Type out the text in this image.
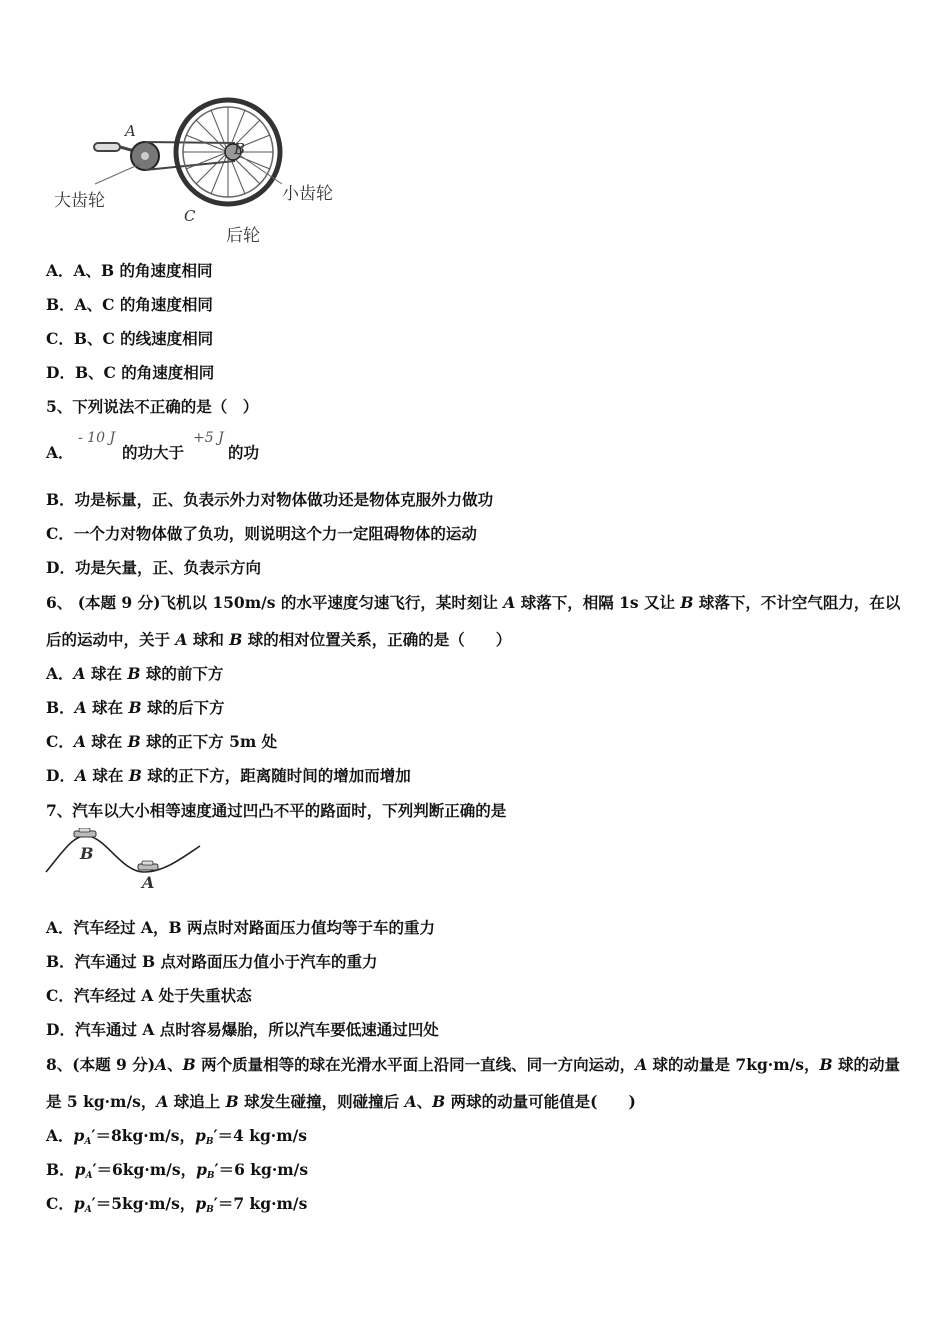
A
B
C
大齿轮	小齿轮
后轮
A．A、B 的角速度相同
B．A、C 的角速度相同
C．B、C 的线速度相同
D．B、C 的角速度相同
5、下列说法不正确的是（　）
A．
- 10 J
的功大于
+5 J
的功
B．功是标量，正、负表示外力对物体做功还是物体克服外力做功
C．一个力对物体做了负功，则说明这个力一定阻碍物体的运动
D．功是矢量，正、负表示方向
6、 (本题 9 分)飞机以 150m/s 的水平速度匀速飞行，某时刻让 A 球落下，相隔 1s 又让 B 球落下，不计空气阻力，在以
后的运动中，关于 A 球和 B 球的相对位置关系，正确的是（　　）
A．A 球在 B 球的前下方
B．A 球在 B 球的后下方
C．A 球在 B 球的正下方 5m 处
D．A 球在 B 球的正下方，距离随时间的增加而增加
7、汽车以大小相等速度通过凹凸不平的路面时，下列判断正确的是
B
A
A．汽车经过 A，B 两点时对路面压力值均等于车的重力
B．汽车通过 B 点对路面压力值小于汽车的重力
C．汽车经过 A 处于失重状态
D．汽车通过 A 点时容易爆胎，所以汽车要低速通过凹处
8、(本题 9 分)A、B 两个质量相等的球在光滑水平面上沿同一直线、同一方向运动，A 球的动量是 7kg·m/s，B 球的动量
是 5 kg·m/s，A 球追上 B 球发生碰撞，则碰撞后 A、B 两球的动量可能值是(　　)
A．$p_A'=8kg\cdot m/s$，$p_B'=4$ kg·m/s
B．$p_A'=6kg\cdot m/s$，$p_B'=6$ kg·m/s
C．$p_A'=5kg\cdot m/s$，$p_B'=7$ kg·m/s
